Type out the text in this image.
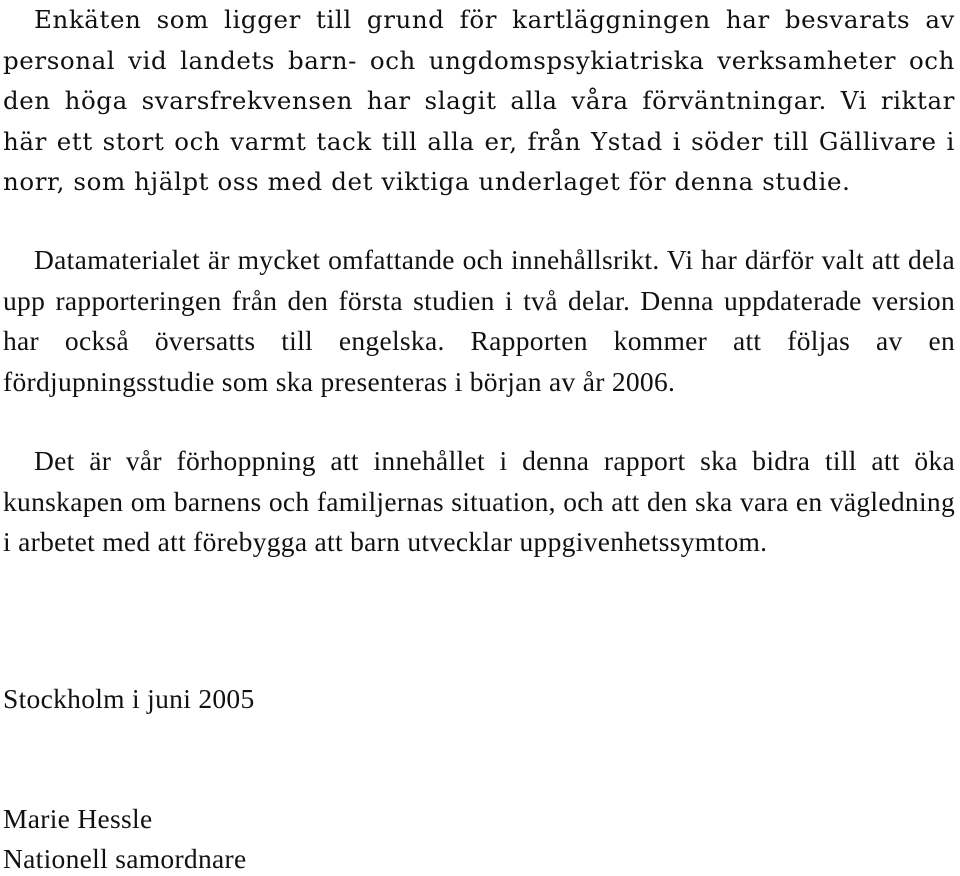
Enkäten som ligger till grund för kartläggningen har besvarats av personal vid landets barn- och ungdomspsykiatriska verksamheter och den höga svarsfrekvensen har slagit alla våra förväntningar. Vi riktar här ett stort och varmt tack till alla er, från Ystad i söder till Gällivare i norr, som hjälpt oss med det viktiga underlaget för denna studie.

Datamaterialet är mycket omfattande och innehållsrikt. Vi har därför valt att dela upp rapporteringen från den första studien i två delar. Denna uppdaterade version har också översatts till engelska. Rapporten kommer att följas av en fördjupningsstudie som ska presenteras i början av år 2006.

Det är vår förhoppning att innehållet i denna rapport ska bidra till att öka kunskapen om barnens och familjernas situation, och att den ska vara en vägledning i arbetet med att förebygga att barn utvecklar uppgivenhetssymtom.

Stockholm i juni 2005

Marie Hessle

Nationell samordnare
